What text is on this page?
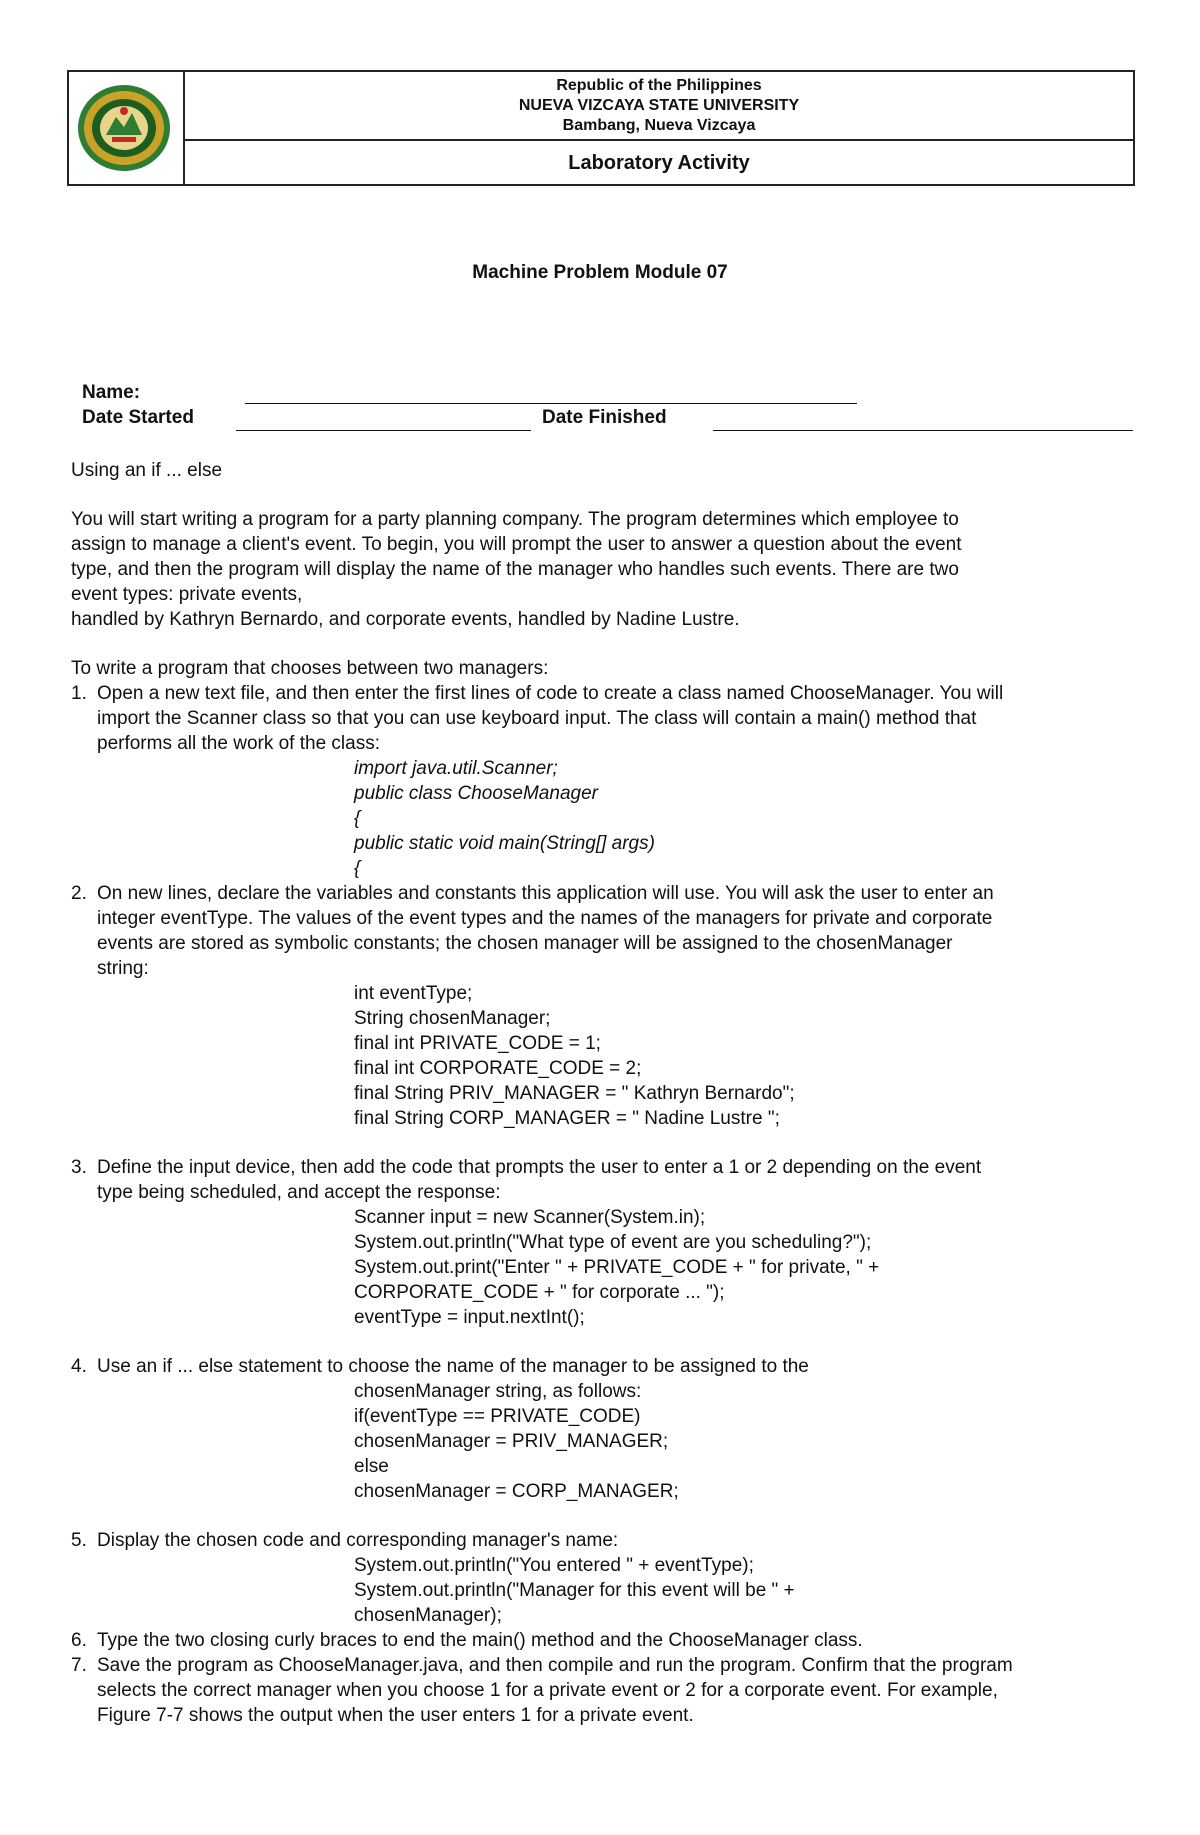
Republic of the Philippines
NUEVA VIZCAYA STATE UNIVERSITY
Bambang, Nueva Vizcaya
Laboratory Activity
Machine Problem Module 07
Name:
Date Started	Date Finished

Using an if ... else

You will start writing a program for a party planning company. The program determines which employee to

assign to manage a client's event. To begin, you will prompt the user to answer a question about the event

type, and then the program will display the name of the manager who handles such events. There are two

event types: private events,

handled by Kathryn Bernardo, and corporate events, handled by Nadine Lustre.

To write a program that chooses between two managers:

1. Open a new text file, and then enter the first lines of code to create a class named ChooseManager. You will

import the Scanner class so that you can use keyboard input. The class will contain a main() method that

performs all the work of the class:

import java.util.Scanner;

public class ChooseManager

{

public static void main(String[] args)

{

2. On new lines, declare the variables and constants this application will use. You will ask the user to enter an

integer eventType. The values of the event types and the names of the managers for private and corporate

events are stored as symbolic constants; the chosen manager will be assigned to the chosenManager

string:

int eventType;

String chosenManager;

final int PRIVATE_CODE = 1;

final int CORPORATE_CODE = 2;

final String PRIV_MANAGER = " Kathryn Bernardo";

final String CORP_MANAGER = " Nadine Lustre ";

3. Define the input device, then add the code that prompts the user to enter a 1 or 2 depending on the event

type being scheduled, and accept the response:

Scanner input = new Scanner(System.in);

System.out.println("What type of event are you scheduling?");

System.out.print("Enter " + PRIVATE_CODE + " for private, " +

CORPORATE_CODE + " for corporate ... ");

eventType = input.nextInt();

4. Use an if ... else statement to choose the name of the manager to be assigned to the

chosenManager string, as follows:

if(eventType == PRIVATE_CODE)

chosenManager = PRIV_MANAGER;

else

chosenManager = CORP_MANAGER;

5. Display the chosen code and corresponding manager's name:

System.out.println("You entered " + eventType);

System.out.println("Manager for this event will be " +

chosenManager);

6. Type the two closing curly braces to end the main() method and the ChooseManager class.

7. Save the program as ChooseManager.java, and then compile and run the program. Confirm that the program

selects the correct manager when you choose 1 for a private event or 2 for a corporate event. For example,

Figure 7-7 shows the output when the user enters 1 for a private event.
